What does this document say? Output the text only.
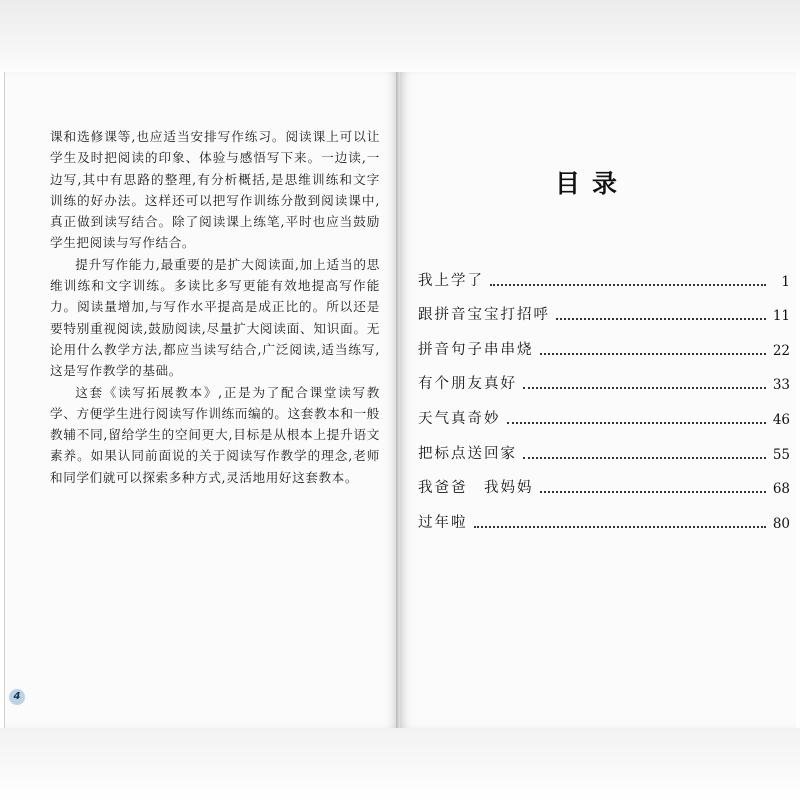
课和选修课等,也应适当安排写作练习。阅读课上可以让学生及时把阅读的印象、体验与感悟写下来。一边读,一边写,其中有思路的整理,有分析概括,是思维训练和文字训练的好办法。这样还可以把写作训练分散到阅读课中,真正做到读写结合。除了阅读课上练笔,平时也应当鼓励学生把阅读与写作结合。

提升写作能力,最重要的是扩大阅读面,加上适当的思维训练和文字训练。多读比多写更能有效地提高写作能力。阅读量增加,与写作水平提高是成正比的。所以还是要特别重视阅读,鼓励阅读,尽量扩大阅读面、知识面。无论用什么教学方法,都应当读写结合,广泛阅读,适当练写,这是写作教学的基础。

这套《读写拓展教本》,正是为了配合课堂读写教学、方便学生进行阅读写作训练而编的。这套教本和一般教辅不同,留给学生的空间更大,目标是从根本上提升语文素养。如果认同前面说的关于阅读写作教学的理念,老师和同学们就可以探索多种方式,灵活地用好这套教本。

4
目录
我上学了	1
跟拼音宝宝打招呼	11
拼音句子串串烧	22
有个朋友真好	33
天气真奇妙	46
把标点送回家	55
我爸爸　我妈妈	68
过年啦	80
